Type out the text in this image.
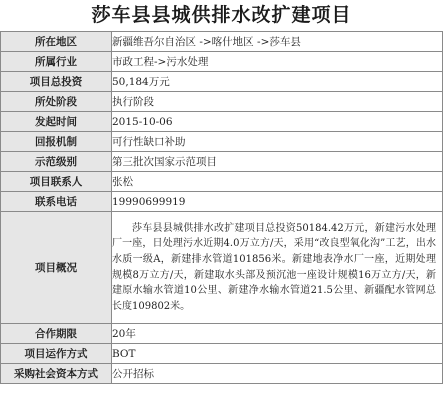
莎车县县城供排水改扩建项目
所在地区	新疆维吾尔自治区 ->喀什地区 ->莎车县
所属行业	市政工程->污水处理
项目总投资	50,184万元
所处阶段	执行阶段
发起时间	2015-10-06
回报机制	可行性缺口补助
示范级别	第三批次国家示范项目
项目联系人	张松
联系电话	19990699919
项目概况	莎车县县城供排水改扩建项目总投资50184.42万元，新建污水处理厂一座，日处理污水近期4.0万立方/天，采用“改良型氧化沟”工艺，出水水质一级A，新建排水管道101856米。新建地表净水厂一座，近期处理规模8万立方/天，新建取水头部及预沉池一座设计规模16万立方/天，新建原水输水管道10公里、新建净水输水管道21.5公里、新疆配水管网总长度109802米。

合作期限	20年
项目运作方式	BOT
采购社会资本方式	公开招标
